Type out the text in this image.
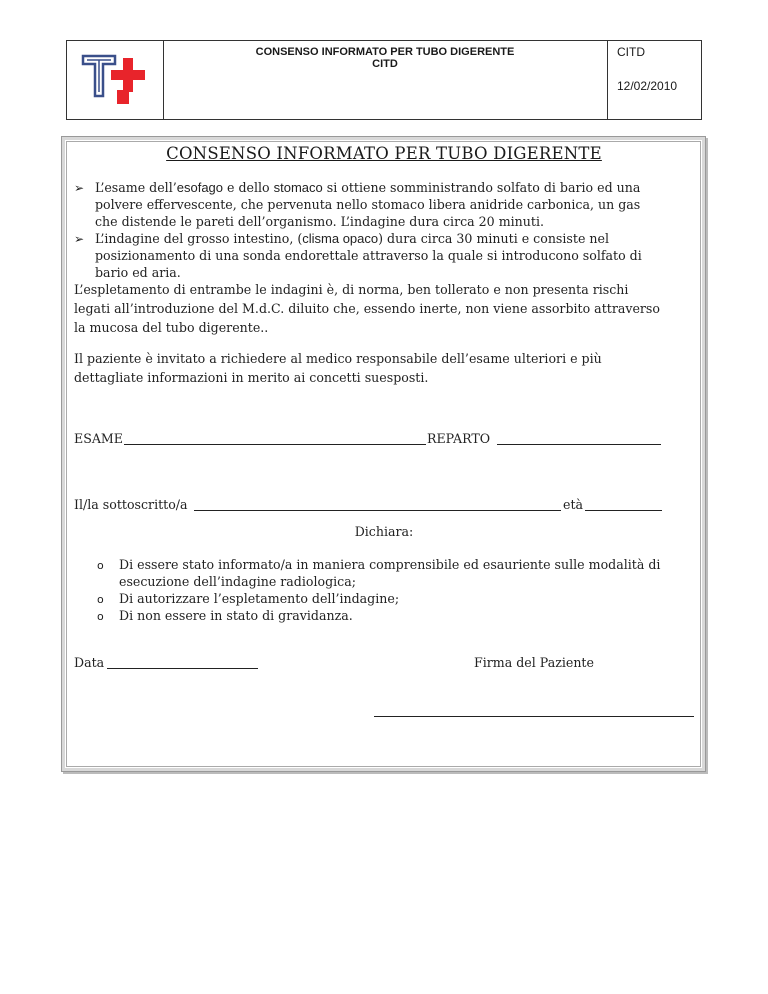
CONSENSO INFORMATO PER TUBO DIGERENTE
CITD
CITD
12/02/2010
CONSENSO INFORMATO PER TUBO DIGERENTE
➢ L’esame dell’esofago e dello stomaco si ottiene somministrando solfato di bario ed una
polvere effervescente, che pervenuta nello stomaco libera anidride carbonica, un gas
che distende le pareti dell’organismo. L’indagine dura circa 20 minuti.
➢ L’indagine del grosso intestino, (clisma opaco) dura circa 30 minuti e consiste nel
posizionamento di una sonda endorettale attraverso la quale si introducono solfato di
bario ed aria.
L’espletamento di entrambe le indagini è, di norma, ben tollerato e non presenta rischi
legati all’introduzione del M.d.C. diluito che, essendo inerte, non viene assorbito attraverso
la mucosa del tubo digerente..
Il paziente è invitato a richiedere al medico responsabile dell’esame ulteriori e più
dettagliate informazioni in merito ai concetti suesposti.
ESAME	REPARTO
Il/la sottoscritto/a	età
Dichiara:
o Di essere stato informato/a in maniera comprensibile ed esauriente sulle modalità di
esecuzione dell’indagine radiologica;
o Di autorizzare l’espletamento dell’indagine;
o Di non essere in stato di gravidanza.
Data	Firma del Paziente
